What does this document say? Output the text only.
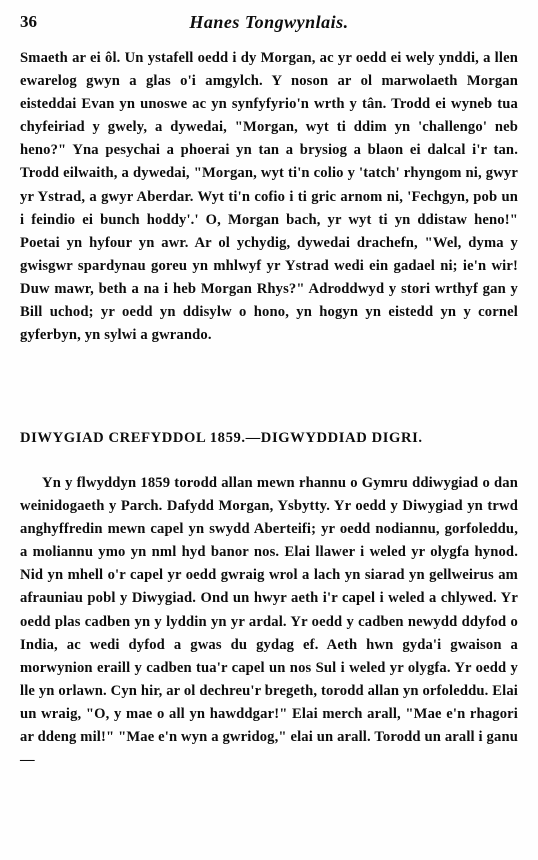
36	Hanes Tongwynlais.
Smaeth ar ei ôl. Un ystafell oedd i dy Morgan, ac yr oedd ei wely ynddi, a llen ewarelog gwyn a glas o'i amgylch. Y noson ar ol marwolaeth Morgan eisteddai Evan yn unoswe ac yn synfyfyrio'n wrth y tân. Trodd ei wyneb tua chyfeiriad y gwely, a dywedai, "Morgan, wyt ti ddim yn 'challengo' neb heno?" Yna pesychai a phoerai yn tan a brysiog a blaon ei dalcal i'r tan. Trodd eilwaith, a dywedai, "Morgan, wyt ti'n colio y 'tatch' rhyngom ni, gwyr yr Ystrad, a gwyr Aberdar. Wyt ti'n cofio i ti gric arnom ni, 'Fechgyn, pob un i feindio ei bunch hoddy'.' O, Morgan bach, yr wyt ti yn ddistaw heno!" Poetai yn hyfour yn awr. Ar ol ychydig, dywedai drachefn, "Wel, dyma y gwisgwr spardynau goreu yn mhlwyf yr Ystrad wedi ein gadael ni; ie'n wir! Duw mawr, beth a na i heb Morgan Rhys?" Adroddwyd y stori wrthyf gan y Bill uchod; yr oedd yn ddisylw o hono, yn hogyn yn eistedd yn y cornel gyferbyn, yn sylwi a gwrando.
DIWYGIAD CREFYDDOL 1859.—DIGWYDDIAD DIGRI.
Yn y flwyddyn 1859 torodd allan mewn rhannu o Gymru ddiwygiad o dan weinidogaeth y Parch. Dafydd Morgan, Ysbytty. Yr oedd y Diwygiad yn trwd anghyffredin mewn capel yn swydd Aberteifi; yr oedd nodiannu, gorfoleddu, a moliannu ymo yn nml hyd banor nos. Elai llawer i weled yr olygfa hynod. Nid yn mhell o'r capel yr oedd gwraig wrol a lach yn siarad yn gellweirus am afrauniau pobl y Diwygiad. Ond un hwyr aeth i'r capel i weled a chlywed. Yr oedd plas cadben yn y lyddin yn yr ardal. Yr oedd y cadben newydd ddyfod o India, ac wedi dyfod a gwas du gydag ef. Aeth hwn gyda'i gwaison a morwynion eraill y cadben tua'r capel un nos Sul i weled yr olygfa. Yr oedd y lle yn orlawn. Cyn hir, ar ol dechreu'r bregeth, torodd allan yn orfoleddu. Elai un wraig, "O, y mae o all yn hawddgar!" Elai merch arall, "Mae e'n rhagori ar ddeng mil!" "Mae e'n wyn a gwridog," elai un arall. Torodd un arall i ganu—
